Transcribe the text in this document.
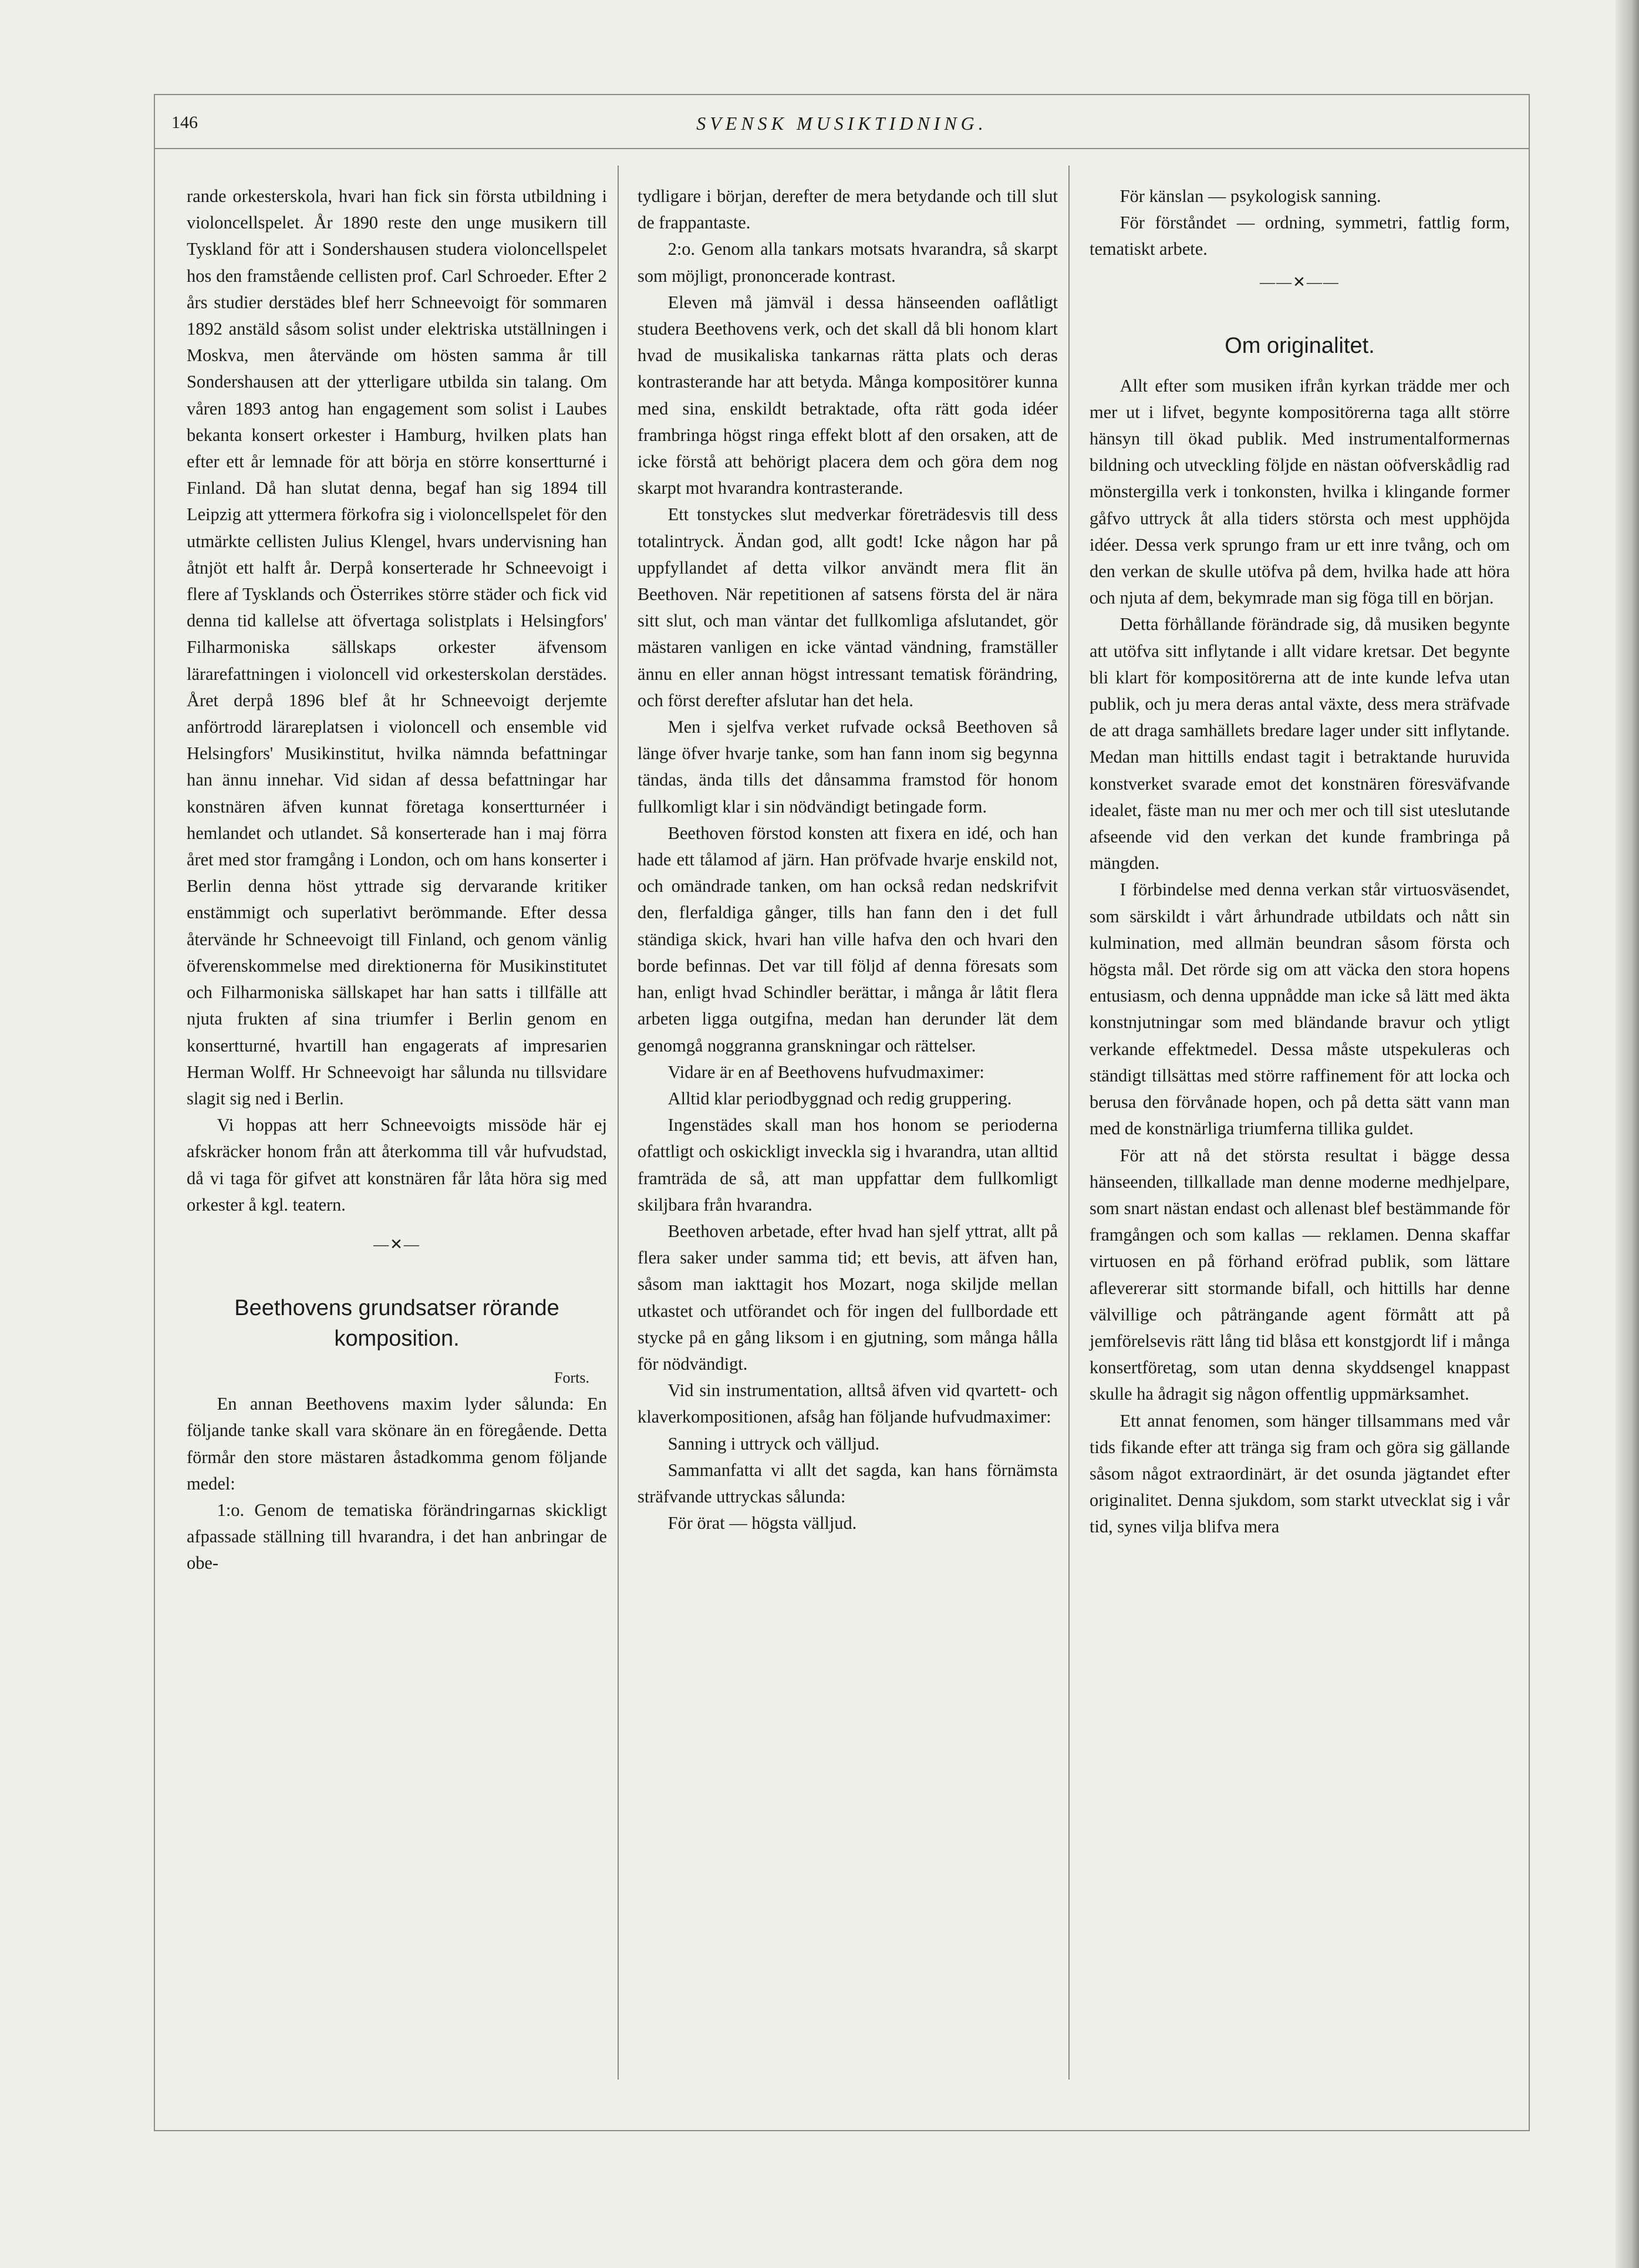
146	SVENSK MUSIKTIDNING.

rande orkesterskola, hvari han fick sin första utbildning i violoncellspelet. År 1890 reste den unge musikern till Tyskland för att i Sondershausen studera violoncellspelet hos den framstående cellisten prof. Carl Schroeder. Efter 2 års studier derstädes blef herr Schneevoigt för sommaren 1892 anstäld såsom solist under elektriska utställningen i Moskva, men återvände om hösten samma år till Sondershausen att der ytterligare utbilda sin talang. Om våren 1893 antog han engagement som solist i Laubes bekanta konsert orkester i Hamburg, hvilken plats han efter ett år lemnade för att börja en större konsertturné i Finland. Då han slutat denna, begaf han sig 1894 till Leipzig att yttermera förkofra sig i violoncellspelet för den utmärkte cellisten Julius Klengel, hvars undervisning han åtnjöt ett halft år. Derpå konserterade hr Schneevoigt i flere af Tysklands och Österrikes större städer och fick vid denna tid kallelse att öfvertaga solistplats i Helsingfors' Filharmoniska sällskaps orkester äfvensom lärarefattningen i violoncell vid orkesterskolan derstädes. Året derpå 1896 blef åt hr Schneevoigt derjemte anförtrodd lärareplatsen i violoncell och ensemble vid Helsingfors' Musikinstitut, hvilka nämnda befattningar han ännu innehar. Vid sidan af dessa befattningar har konstnären äfven kunnat företaga konsertturnéer i hemlandet och utlandet. Så konserterade han i maj förra året med stor framgång i London, och om hans konserter i Berlin denna höst yttrade sig dervarande kritiker enstämmigt och superlativt berömmande. Efter dessa återvände hr Schneevoigt till Finland, och genom vänlig öfverenskommelse med direktionerna för Musikinstitutet och Filharmoniska sällskapet har han satts i tillfälle att njuta frukten af sina triumfer i Berlin genom en konsertturné, hvartill han engagerats af impresarien Herman Wolff. Hr Schneevoigt har sålunda nu tillsvidare slagit sig ned i Berlin.

Vi hoppas att herr Schneevoigts missöde här ej afskräcker honom från att återkomma till vår hufvudstad, då vi taga för gifvet att konstnären får låta höra sig med orkester å kgl. teatern.

—✕—
Beethovens grundsatser rörande komposition.
Forts.

En annan Beethovens maxim lyder sålunda: En följande tanke skall vara skönare än en föregående. Detta förmår den store mästaren åstadkomma genom följande medel:

1:o. Genom de tematiska förändringarnas skickligt afpassade ställning till hvarandra, i det han anbringar de obe-

tydligare i början, derefter de mera betydande och till slut de frappantaste.

2:o. Genom alla tankars motsats hvarandra, så skarpt som möjligt, prononcerade kontrast.

Eleven må jämväl i dessa hänseenden oaflåtligt studera Beethovens verk, och det skall då bli honom klart hvad de musikaliska tankarnas rätta plats och deras kontrasterande har att betyda. Många kompositörer kunna med sina, enskildt betraktade, ofta rätt goda idéer frambringa högst ringa effekt blott af den orsaken, att de icke förstå att behörigt placera dem och göra dem nog skarpt mot hvarandra kontrasterande.

Ett tonstyckes slut medverkar företrädesvis till dess totalintryck. Ändan god, allt godt! Icke någon har på uppfyllandet af detta vilkor användt mera flit än Beethoven. När repetitionen af satsens första del är nära sitt slut, och man väntar det fullkomliga afslutandet, gör mästaren vanligen en icke väntad vändning, framställer ännu en eller annan högst intressant tematisk förändring, och först derefter afslutar han det hela.

Men i sjelfva verket rufvade också Beethoven så länge öfver hvarje tanke, som han fann inom sig begynna tändas, ända tills det dånsamma framstod för honom fullkomligt klar i sin nödvändigt betingade form.

Beethoven förstod konsten att fixera en idé, och han hade ett tålamod af järn. Han pröfvade hvarje enskild not, och omändrade tanken, om han också redan nedskrifvit den, flerfaldiga gånger, tills han fann den i det full ständiga skick, hvari han ville hafva den och hvari den borde befinnas. Det var till följd af denna föresats som han, enligt hvad Schindler berättar, i många år låtit flera arbeten ligga outgifna, medan han derunder lät dem genomgå noggranna granskningar och rättelser.

Vidare är en af Beethovens hufvudmaximer:

Alltid klar periodbyggnad och redig gruppering.

Ingenstädes skall man hos honom se perioderna ofattligt och oskickligt inveckla sig i hvarandra, utan alltid framträda de så, att man uppfattar dem fullkomligt skiljbara från hvarandra.

Beethoven arbetade, efter hvad han sjelf yttrat, allt på flera saker under samma tid; ett bevis, att äfven han, såsom man iakttagit hos Mozart, noga skiljde mellan utkastet och utförandet och för ingen del fullbordade ett stycke på en gång liksom i en gjutning, som många hålla för nödvändigt.

Vid sin instrumentation, alltså äfven vid qvartett- och klaverkompositionen, afsåg han följande hufvudmaximer:

Sanning i uttryck och välljud.

Sammanfatta vi allt det sagda, kan hans förnämsta sträfvande uttryckas sålunda:

För örat — högsta välljud.

För känslan — psykologisk sanning.

För förståndet — ordning, symmetri, fattlig form, tematiskt arbete.

——✕——
Om originalitet.

Allt efter som musiken ifrån kyrkan trädde mer och mer ut i lifvet, begynte kompositörerna taga allt större hänsyn till ökad publik. Med instrumentalformernas bildning och utveckling följde en nästan oöfverskådlig rad mönstergilla verk i tonkonsten, hvilka i klingande former gåfvo uttryck åt alla tiders största och mest upphöjda idéer. Dessa verk sprungo fram ur ett inre tvång, och om den verkan de skulle utöfva på dem, hvilka hade att höra och njuta af dem, bekymrade man sig föga till en början.

Detta förhållande förändrade sig, då musiken begynte att utöfva sitt inflytande i allt vidare kretsar. Det begynte bli klart för kompositörerna att de inte kunde lefva utan publik, och ju mera deras antal växte, dess mera sträfvade de att draga samhällets bredare lager under sitt inflytande. Medan man hittills endast tagit i betraktande huruvida konstverket svarade emot det konstnären föresväfvande idealet, fäste man nu mer och mer och till sist uteslutande afseende vid den verkan det kunde frambringa på mängden.

I förbindelse med denna verkan står virtuosväsendet, som särskildt i vårt århundrade utbildats och nått sin kulmination, med allmän beundran såsom första och högsta mål. Det rörde sig om att väcka den stora hopens entusiasm, och denna uppnådde man icke så lätt med äkta konstnjutningar som med bländande bravur och ytligt verkande effektmedel. Dessa måste utspekuleras och ständigt tillsättas med större raffinement för att locka och berusa den förvånade hopen, och på detta sätt vann man med de konstnärliga triumferna tillika guldet.

För att nå det största resultat i bägge dessa hänseenden, tillkallade man denne moderne medhjelpare, som snart nästan endast och allenast blef bestämmande för framgången och som kallas — reklamen. Denna skaffar virtuosen en på förhand eröfrad publik, som lättare aflevererar sitt stormande bifall, och hittills har denne välvillige och påträngande agent förmått att på jemförelsevis rätt lång tid blåsa ett konstgjordt lif i många konsertföretag, som utan denna skyddsengel knappast skulle ha ådragit sig någon offentlig uppmärksamhet.

Ett annat fenomen, som hänger tillsammans med vår tids fikande efter att tränga sig fram och göra sig gällande såsom något extraordinärt, är det osunda jägtandet efter originalitet. Denna sjukdom, som starkt utvecklat sig i vår tid, synes vilja blifva mera
